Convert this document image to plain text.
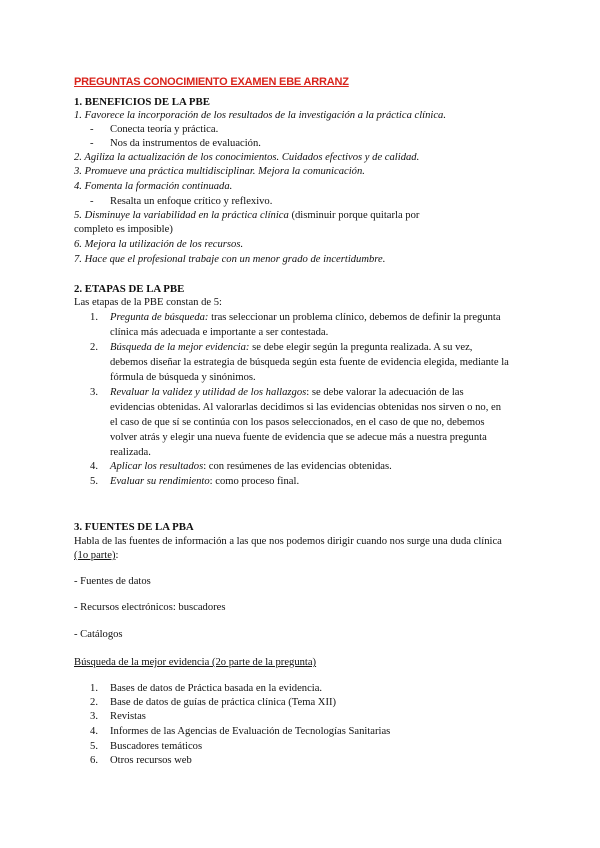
PREGUNTAS CONOCIMIENTO EXAMEN EBE ARRANZ
1. BENEFICIOS DE LA PBE
1. Favorece la incorporación de los resultados de la investigación a la práctica clínica.
- Conecta teoría y práctica.
- Nos da instrumentos de evaluación.
2. Agiliza la actualización de los conocimientos. Cuidados efectivos y de calidad.
3. Promueve una práctica multidisciplinar. Mejora la comunicación.
4. Fomenta la formación continuada.
- Resalta un enfoque crítico y reflexivo.
5. Disminuye la variabilidad en la práctica clínica (disminuir porque quitarla por
completo es imposible)
6. Mejora la utilización de los recursos.
7. Hace que el profesional trabaje con un menor grado de incertidumbre.
2. ETAPAS DE LA PBE
Las etapas de la PBE constan de 5:
1. Pregunta de búsqueda: tras seleccionar un problema clínico, debemos de definir la pregunta
clínica más adecuada e importante a ser contestada.
2. Búsqueda de la mejor evidencia: se debe elegir según la pregunta realizada. A su vez,
debemos diseñar la estrategia de búsqueda según esta fuente de evidencia elegida, mediante la
fórmula de búsqueda y sinónimos.
3. Revaluar la validez y utilidad de los hallazgos: se debe valorar la adecuación de las
evidencias obtenidas. Al valorarlas decidimos si las evidencias obtenidas nos sirven o no, en
el caso de que sí se continúa con los pasos seleccionados, en el caso de que no, debemos
volver atrás y elegir una nueva fuente de evidencia que se adecue más a nuestra pregunta
realizada.
4. Aplicar los resultados: con resúmenes de las evidencias obtenidas.
5. Evaluar su rendimiento: como proceso final.
3. FUENTES DE LA PBA
Habla de las fuentes de información a las que nos podemos dirigir cuando nos surge una duda clínica
(1o parte):
- Fuentes de datos
- Recursos electrónicos: buscadores
- Catálogos
Búsqueda de la mejor evidencia (2o parte de la pregunta)
1. Bases de datos de Práctica basada en la evidencia.
2. Base de datos de guías de práctica clínica (Tema XII)
3. Revistas
4. Informes de las Agencias de Evaluación de Tecnologías Sanitarias
5. Buscadores temáticos
6. Otros recursos web
